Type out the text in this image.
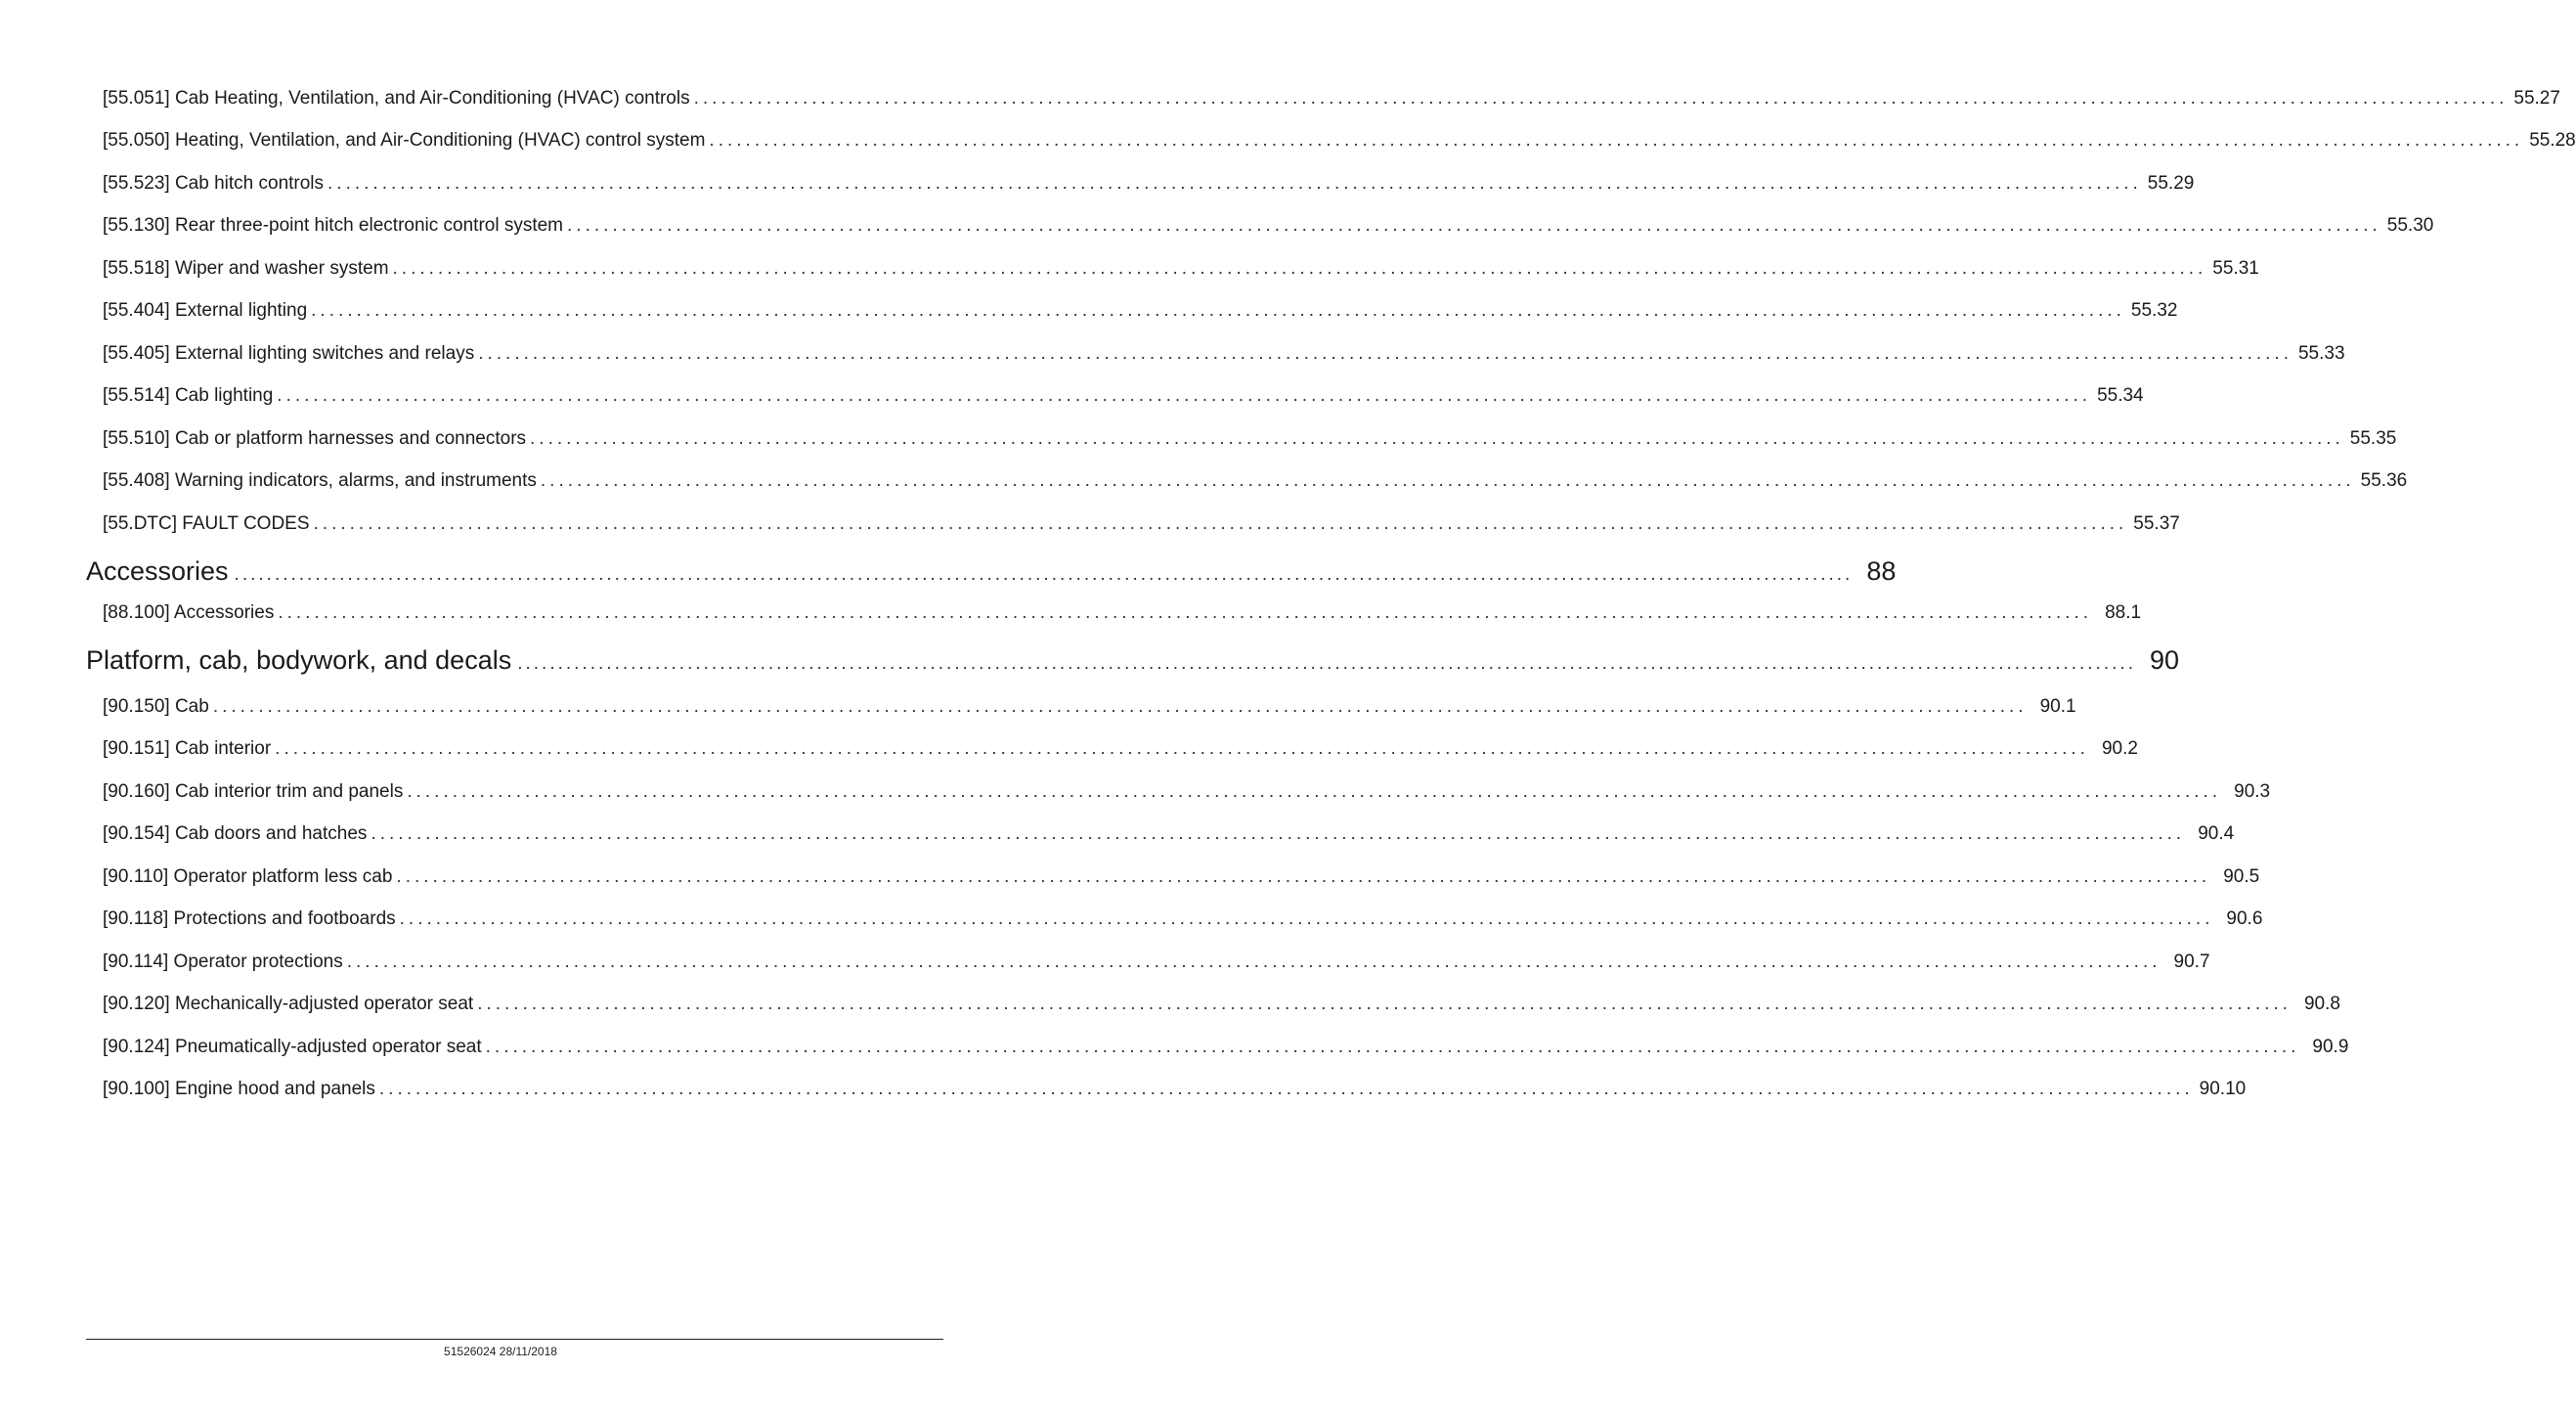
[55.051] Cab Heating, Ventilation, and Air-Conditioning (HVAC) controls ........................................................................................................................................................................................................ 55.27
[55.050] Heating, Ventilation, and Air-Conditioning (HVAC) control system ........................................................................................................................................................................................................ 55.28
[55.523] Cab hitch controls ........................................................................................................................................................................................................ 55.29
[55.130] Rear three-point hitch electronic control system ........................................................................................................................................................................................................ 55.30
[55.518] Wiper and washer system ........................................................................................................................................................................................................ 55.31
[55.404] External lighting ........................................................................................................................................................................................................ 55.32
[55.405] External lighting switches and relays ........................................................................................................................................................................................................ 55.33
[55.514] Cab lighting ........................................................................................................................................................................................................ 55.34
[55.510] Cab or platform harnesses and connectors ........................................................................................................................................................................................................ 55.35
[55.408] Warning indicators, alarms, and instruments ........................................................................................................................................................................................................ 55.36
[55.DTC] FAULT CODES ........................................................................................................................................................................................................ 55.37
Accessories ........................................................................................................................................................................................................ 88
[88.100] Accessories ........................................................................................................................................................................................................ 88.1
Platform, cab, bodywork, and decals ........................................................................................................................................................................................................ 90
[90.150] Cab ........................................................................................................................................................................................................ 90.1
[90.151] Cab interior ........................................................................................................................................................................................................ 90.2
[90.160] Cab interior trim and panels ........................................................................................................................................................................................................ 90.3
[90.154] Cab doors and hatches ........................................................................................................................................................................................................ 90.4
[90.110] Operator platform less cab ........................................................................................................................................................................................................ 90.5
[90.118] Protections and footboards ........................................................................................................................................................................................................ 90.6
[90.114] Operator protections ........................................................................................................................................................................................................ 90.7
[90.120] Mechanically-adjusted operator seat ........................................................................................................................................................................................................ 90.8
[90.124] Pneumatically-adjusted operator seat ........................................................................................................................................................................................................ 90.9
[90.100] Engine hood and panels ........................................................................................................................................................................................................ 90.10
51526024 28/11/2018
